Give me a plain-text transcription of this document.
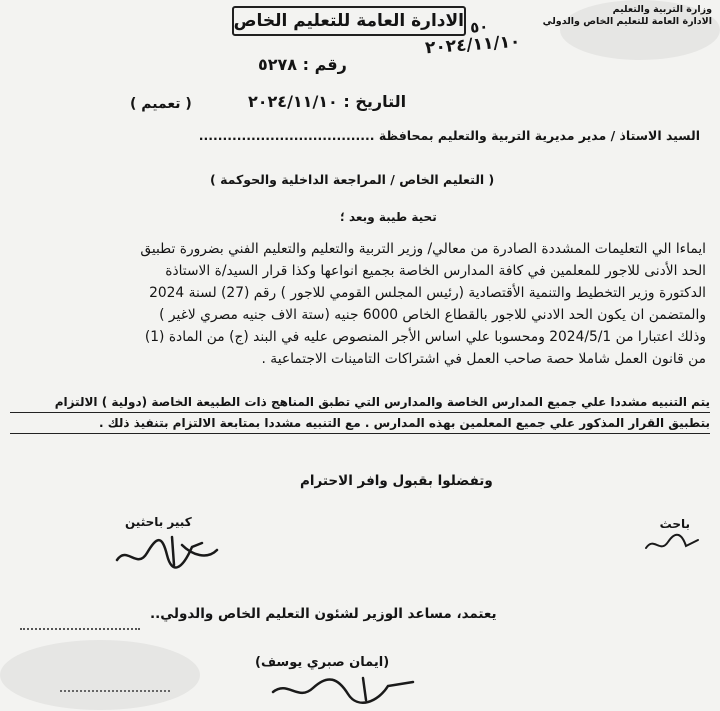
وزارة التربية والتعليم
الادارة العامة للتعليم الخاص والدولي
٥٠
٢٠٢٤/١١/١٠
الادارة العامة للتعليم الخاص
رقم : ٥٢٧٨
التاريخ : ٢٠٢٤/١١/١٠
( تعميم )
السيد الاستاذ / مدير مديرية التربية والتعليم بمحافظة .....................................
( التعليم الخاص / المراجعة الداخلية والحوكمة )
تحية طيبة وبعد ؛

ايماءا الي التعليمات المشددة الصادرة من معالي/ وزير التربية والتعليم والتعليم الفني بضرورة تطبيق

الحد الأدنى للاجور للمعلمين في كافة المدارس الخاصة بجميع انواعها وكذا قرار السيد/ة الاستاذة

الدكتورة وزير التخطيط والتنمية الأقتصادية (رئيس المجلس القومي للاجور ) رقم (27) لسنة 2024

والمتضمن ان يكون الحد الادني للاجور بالقطاع الخاص 6000 جنيه (ستة الاف جنيه مصري لاغير )

وذلك اعتبارا من 2024/5/1 ومحسوبا علي اساس الأجر المنصوص عليه في البند (ج) من المادة (1)

من قانون العمل شاملا حصة صاحب العمل في اشتراكات التامينات الاجتماعية .

يتم التنبيه مشددا علي جميع المدارس الخاصة والمدارس التي تطبق المناهج ذات الطبيعة الخاصة (دولية ) الالتزام

بتطبيق القرار المذكور علي جميع المعلمين بهذه المدارس . مع التنبيه مشددا بمتابعة الالتزام بتنفيذ ذلك .

وتفضلوا بقبول وافر الاحترام
باحث
كبير باحثين
يعتمد، مساعد الوزير لشئون التعليم الخاص والدولي..
(ايمان صبري يوسف)
